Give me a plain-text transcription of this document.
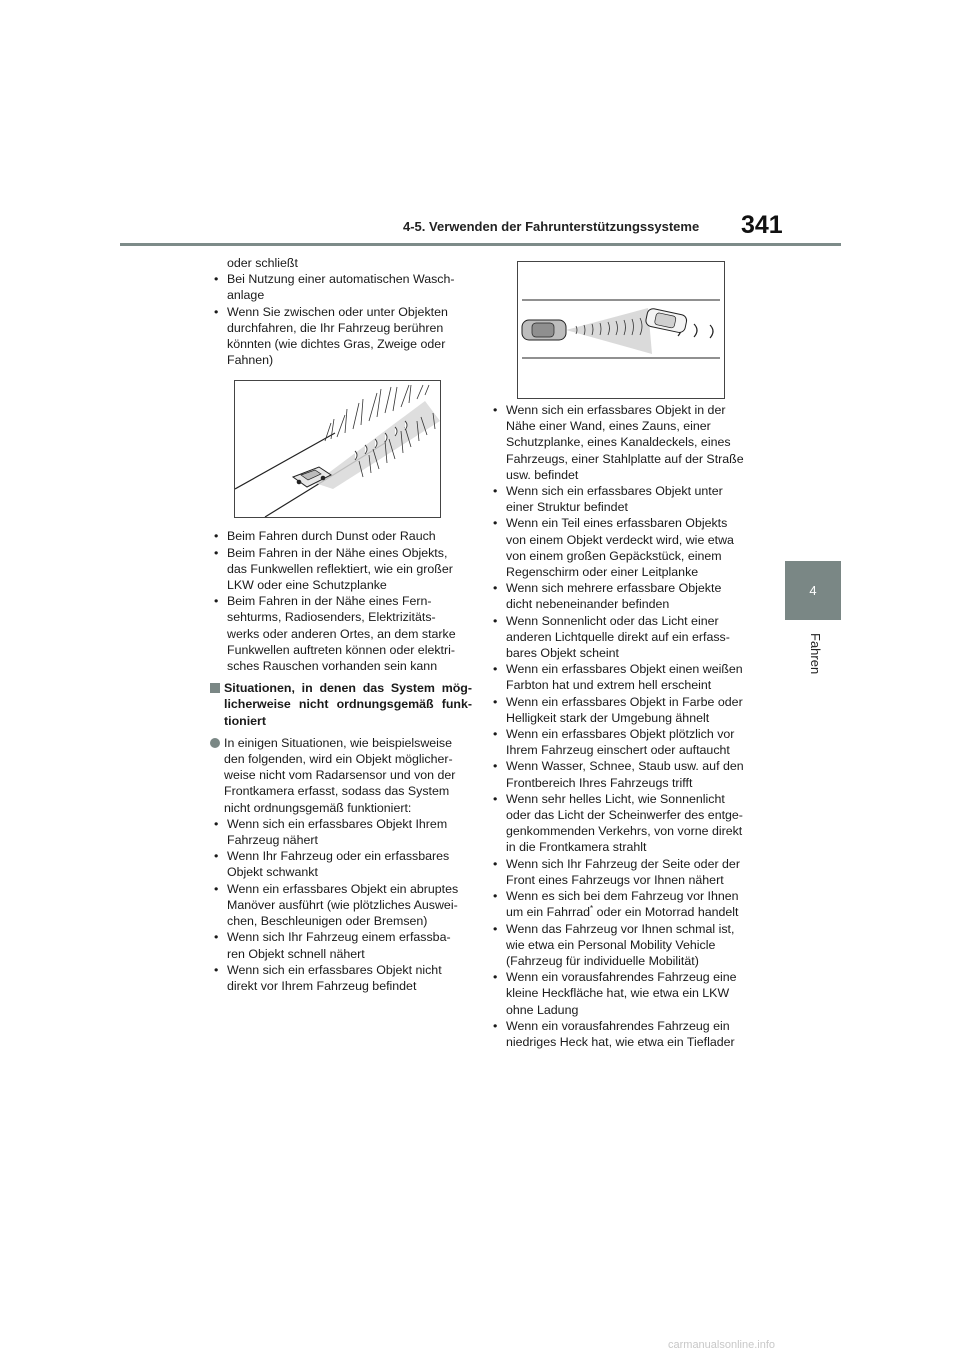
4-5. Verwenden der Fahrunterstützungssysteme 341
4
Fahren
oder schließt
• Bei Nutzung einer automatischen Wasch-
anlage
• Wenn Sie zwischen oder unter Objekten
durchfahren, die Ihr Fahrzeug berühren
könnten (wie dichtes Gras, Zweige oder
Fahnen)
• Beim Fahren durch Dunst oder Rauch
• Beim Fahren in der Nähe eines Objekts,
das Funkwellen reflektiert, wie ein großer
LKW oder eine Schutzplanke
• Beim Fahren in der Nähe eines Fern-
sehturms, Radiosenders, Elektrizitäts-
werks oder anderen Ortes, an dem starke
Funkwellen auftreten können oder elektri-
sches Rauschen vorhanden sein kann
Situationen, in denen das System mög-licherweise nicht ordnungsgemäß funk-tioniert
In einigen Situationen, wie beispielsweise
den folgenden, wird ein Objekt möglicher-
weise nicht vom Radarsensor und von der
Frontkamera erfasst, sodass das System
nicht ordnungsgemäß funktioniert:
• Wenn sich ein erfassbares Objekt Ihrem
Fahrzeug nähert
• Wenn Ihr Fahrzeug oder ein erfassbares
Objekt schwankt
• Wenn ein erfassbares Objekt ein abruptes
Manöver ausführt (wie plötzliches Auswei-
chen, Beschleunigen oder Bremsen)
• Wenn sich Ihr Fahrzeug einem erfassba-
ren Objekt schnell nähert
• Wenn sich ein erfassbares Objekt nicht
direkt vor Ihrem Fahrzeug befindet
• Wenn sich ein erfassbares Objekt in der
Nähe einer Wand, eines Zauns, einer
Schutzplanke, eines Kanaldeckels, eines
Fahrzeugs, einer Stahlplatte auf der Straße
usw. befindet
• Wenn sich ein erfassbares Objekt unter
einer Struktur befindet
• Wenn ein Teil eines erfassbaren Objekts
von einem Objekt verdeckt wird, wie etwa
von einem großen Gepäckstück, einem
Regenschirm oder einer Leitplanke
• Wenn sich mehrere erfassbare Objekte
dicht nebeneinander befinden
• Wenn Sonnenlicht oder das Licht einer
anderen Lichtquelle direkt auf ein erfass-
bares Objekt scheint
• Wenn ein erfassbares Objekt einen weißen
Farbton hat und extrem hell erscheint
• Wenn ein erfassbares Objekt in Farbe oder
Helligkeit stark der Umgebung ähnelt
• Wenn ein erfassbares Objekt plötzlich vor
Ihrem Fahrzeug einschert oder auftaucht
• Wenn Wasser, Schnee, Staub usw. auf den
Frontbereich Ihres Fahrzeugs trifft
• Wenn sehr helles Licht, wie Sonnenlicht
oder das Licht der Scheinwerfer des entge-
genkommenden Verkehrs, von vorne direkt
in die Frontkamera strahlt
• Wenn sich Ihr Fahrzeug der Seite oder der
Front eines Fahrzeugs vor Ihnen nähert
• Wenn es sich bei dem Fahrzeug vor Ihnen
um ein Fahrrad* oder ein Motorrad handelt
• Wenn das Fahrzeug vor Ihnen schmal ist,
wie etwa ein Personal Mobility Vehicle
(Fahrzeug für individuelle Mobilität)
• Wenn ein vorausfahrendes Fahrzeug eine
kleine Heckfläche hat, wie etwa ein LKW
ohne Ladung
• Wenn ein vorausfahrendes Fahrzeug ein
niedriges Heck hat, wie etwa ein Tieflader
carmanualsonline.info
